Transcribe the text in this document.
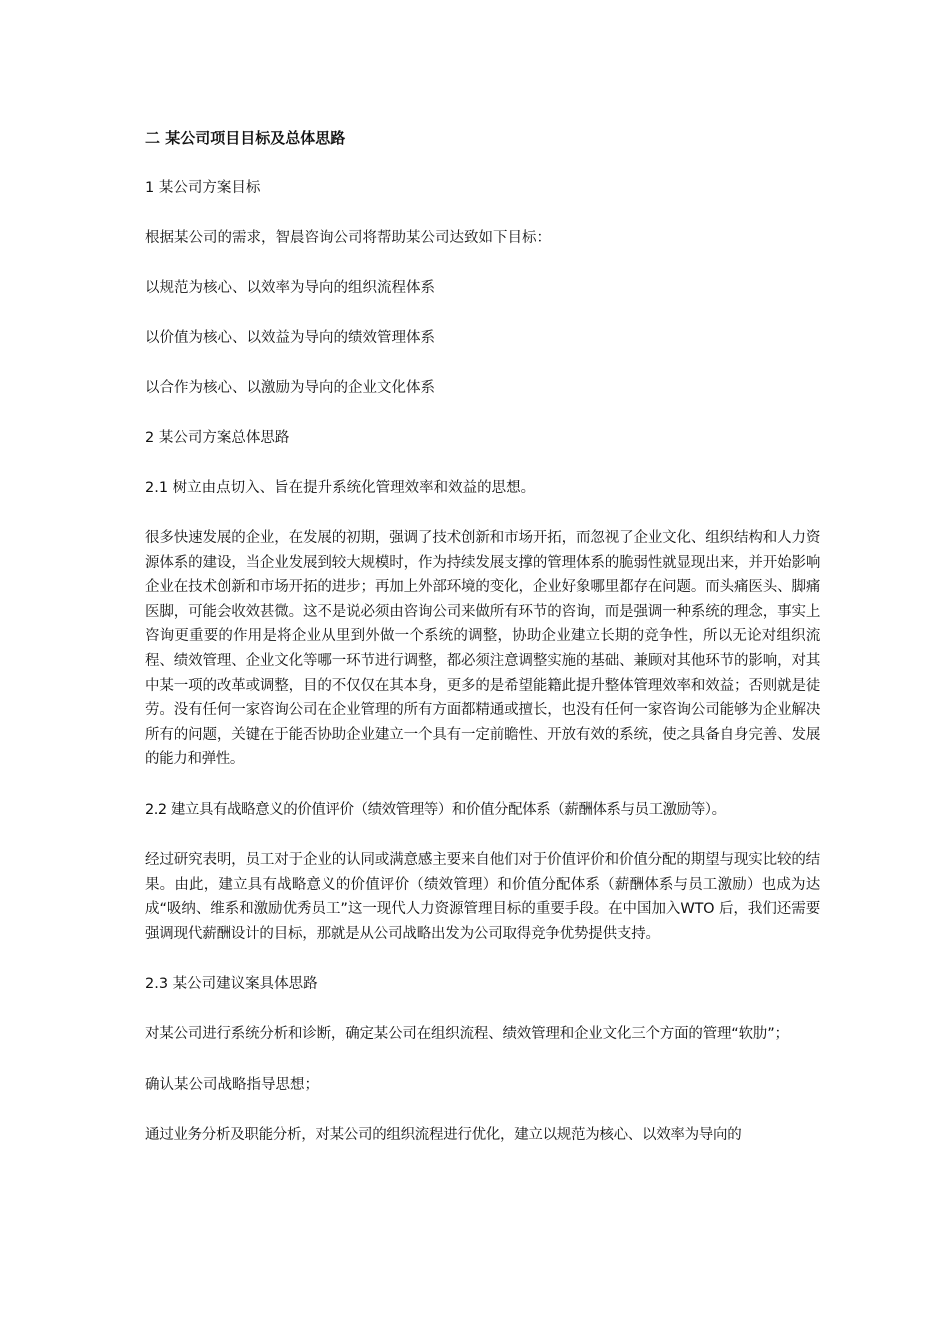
二 某公司项目目标及总体思路
1 某公司方案目标
根据某公司的需求，智晨咨询公司将帮助某公司达致如下目标：
以规范为核心、以效率为导向的组织流程体系
以价值为核心、以效益为导向的绩效管理体系
以合作为核心、以激励为导向的企业文化体系
2 某公司方案总体思路
2.1 树立由点切入、旨在提升系统化管理效率和效益的思想。
很多快速发展的企业，在发展的初期，强调了技术创新和市场开拓，而忽视了企业文化、组织结构和人力资源体系的建设，当企业发展到较大规模时，作为持续发展支撑的管理体系的脆弱性就显现出来，并开始影响企业在技术创新和市场开拓的进步；再加上外部环境的变化，企业好象哪里都存在问题。而头痛医头、脚痛医脚，可能会收效甚微。这不是说必须由咨询公司来做所有环节的咨询，而是强调一种系统的理念，事实上咨询更重要的作用是将企业从里到外做一个系统的调整，协助企业建立长期的竞争性，所以无论对组织流程、绩效管理、企业文化等哪一环节进行调整，都必须注意调整实施的基础、兼顾对其他环节的影响，对其中某一项的改革或调整，目的不仅仅在其本身，更多的是希望能籍此提升整体管理效率和效益；否则就是徒劳。没有任何一家咨询公司在企业管理的所有方面都精通或擅长，也没有任何一家咨询公司能够为企业解决所有的问题，关键在于能否协助企业建立一个具有一定前瞻性、开放有效的系统，使之具备自身完善、发展的能力和弹性。
2.2 建立具有战略意义的价值评价（绩效管理等）和价值分配体系（薪酬体系与员工激励等）。
经过研究表明，员工对于企业的认同或满意感主要来自他们对于价值评价和价值分配的期望与现实比较的结果。由此，建立具有战略意义的价值评价（绩效管理）和价值分配体系（薪酬体系与员工激励）也成为达成“吸纳、维系和激励优秀员工”这一现代人力资源管理目标的重要手段。在中国加入WTO 后，我们还需要强调现代薪酬设计的目标，那就是从公司战略出发为公司取得竞争优势提供支持。
2.3 某公司建议案具体思路
对某公司进行系统分析和诊断，确定某公司在组织流程、绩效管理和企业文化三个方面的管理“软肋”；
确认某公司战略指导思想；
通过业务分析及职能分析，对某公司的组织流程进行优化，建立以规范为核心、以效率为导向的
